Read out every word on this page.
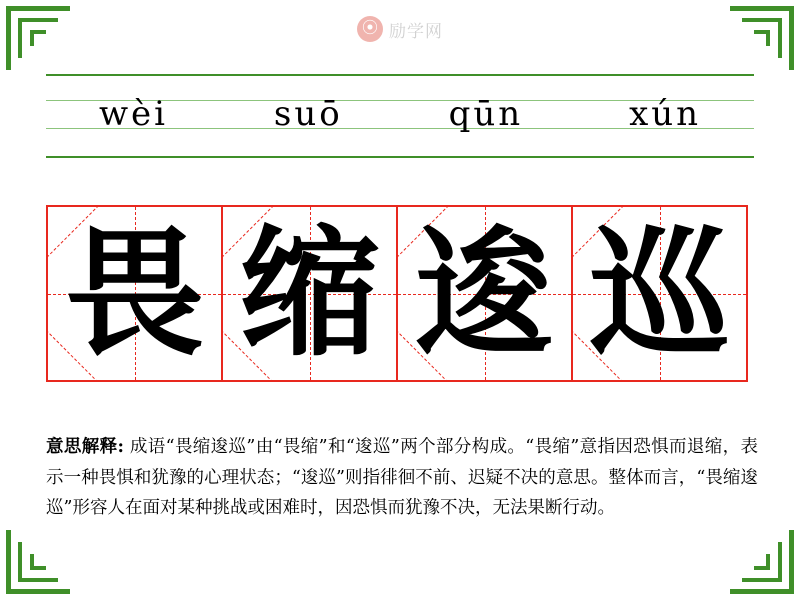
⦿ 励学网
wèi	suō	qūn	xún
畏 缩 逡 巡
意思解释: 成语“畏缩逡巡”由“畏缩”和“逡巡”两个部分构成。“畏缩”意指因恐惧而退缩，表示一种畏惧和犹豫的心理状态；“逡巡”则指徘徊不前、迟疑不决的意思。整体而言，“畏缩逡巡”形容人在面对某种挑战或困难时，因恐惧而犹豫不决，无法果断行动。
